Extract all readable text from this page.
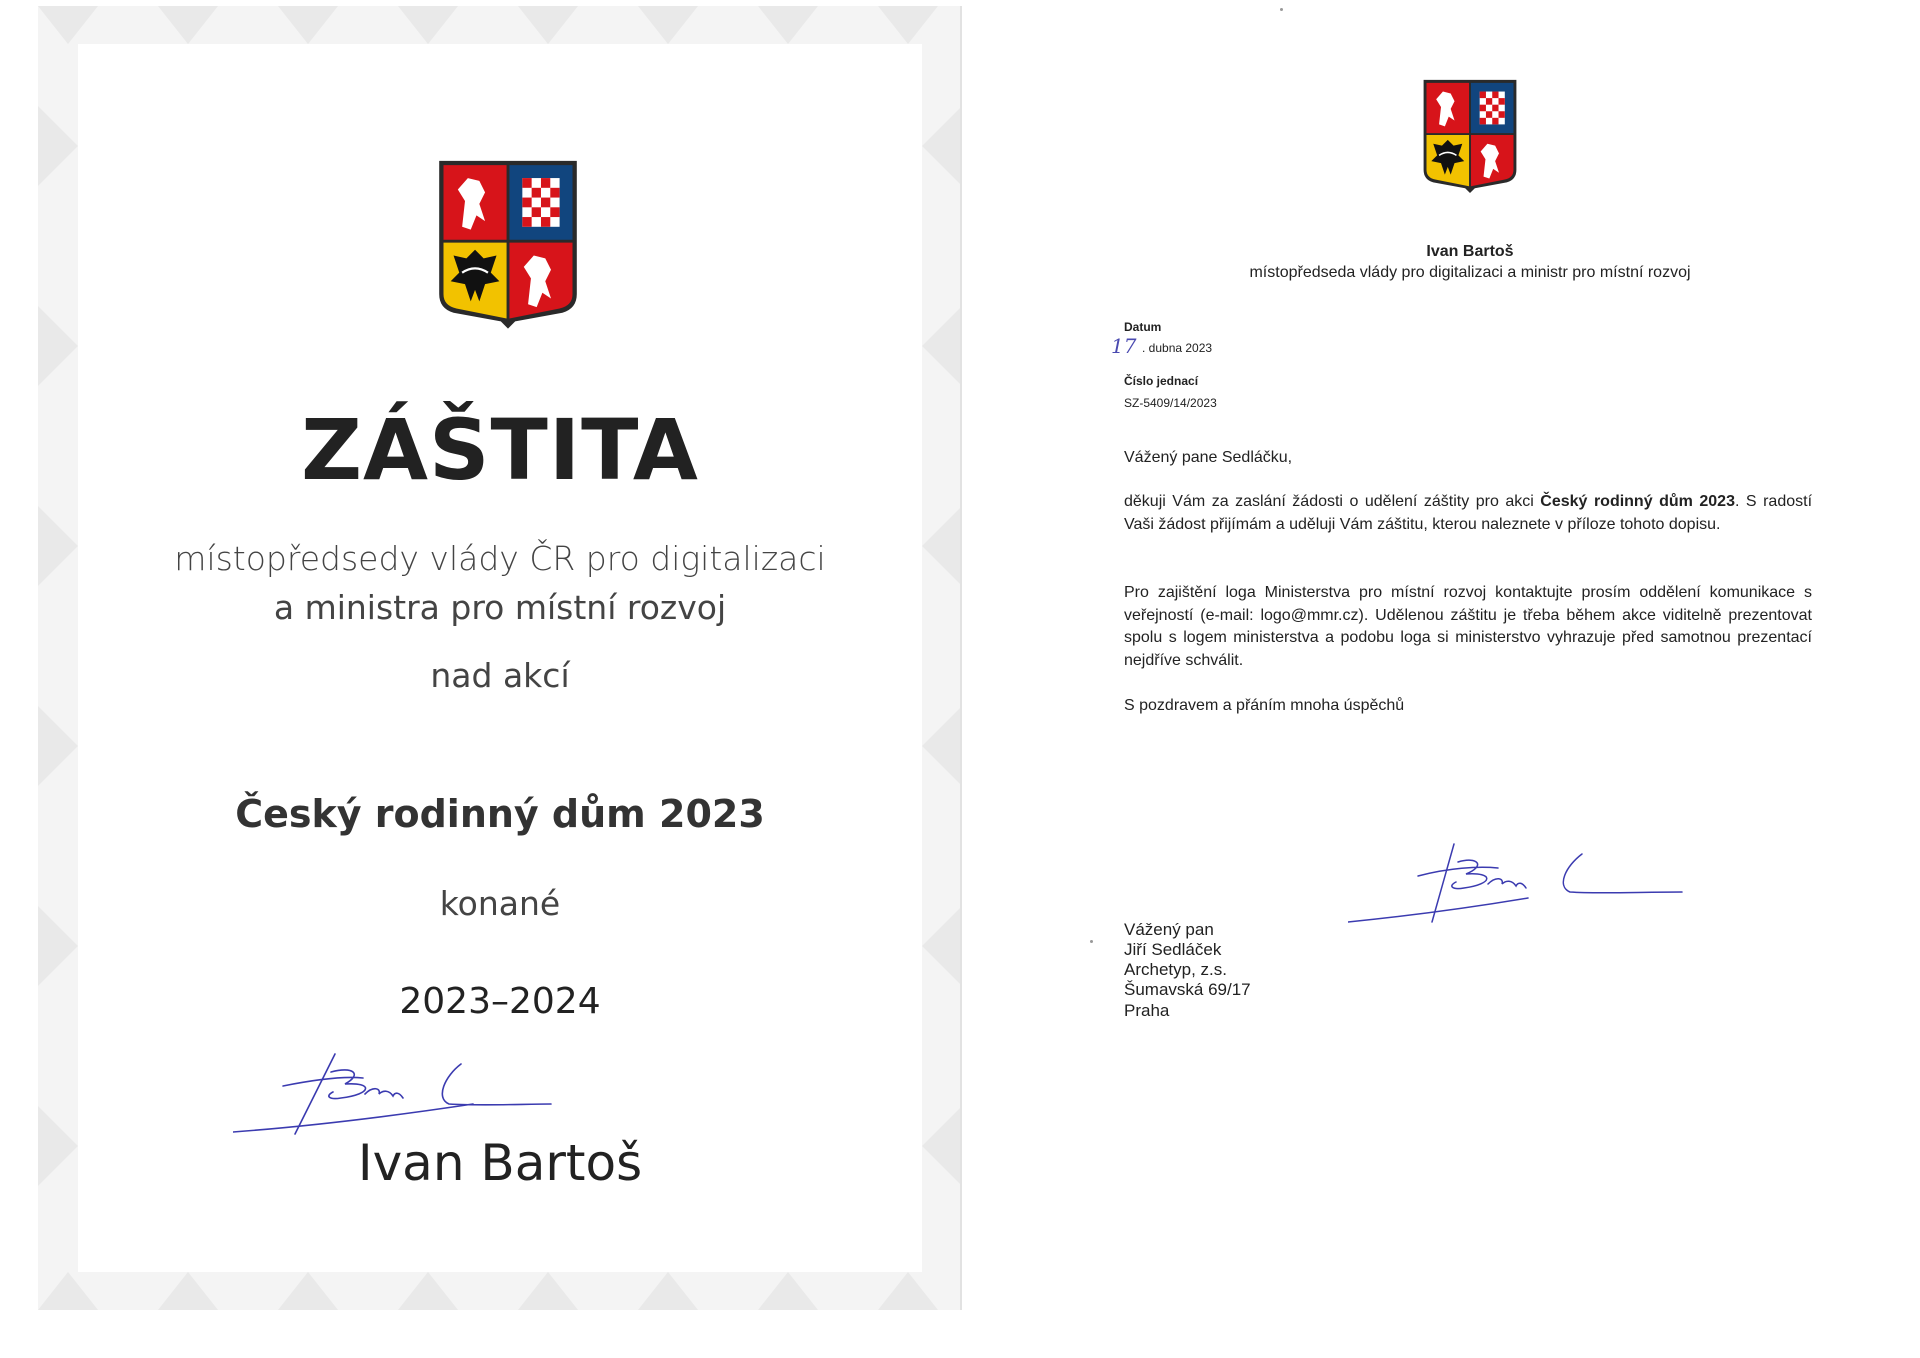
ZÁŠTITA
místopředsedy vlády ČR pro digitalizaci
a ministra pro místní rozvoj
nad akcí
Český rodinný dům 2023
konané
2023–2024
Ivan Bartoš
Ivan Bartoš
místopředseda vlády pro digitalizaci a ministr pro místní rozvoj
Datum
17 . dubna 2023
Číslo jednací
SZ-5409/14/2023
Vážený pane Sedláčku,
děkuji Vám za zaslání žádosti o udělení záštity pro akci Český rodinný dům 2023. S radostí Vaši žádost přijímám a uděluji Vám záštitu, kterou naleznete v příloze tohoto dopisu.
Pro zajištění loga Ministerstva pro místní rozvoj kontaktujte prosím oddělení komunikace s veřejností (e-mail: logo@mmr.cz). Udělenou záštitu je třeba během akce viditelně prezentovat spolu s logem ministerstva a podobu loga si ministerstvo vyhrazuje před samotnou prezentací nejdříve schválit.
S pozdravem a přáním mnoha úspěchů
Vážený pan
Jiří Sedláček
Archetyp, z.s.
Šumavská 69/17
Praha
